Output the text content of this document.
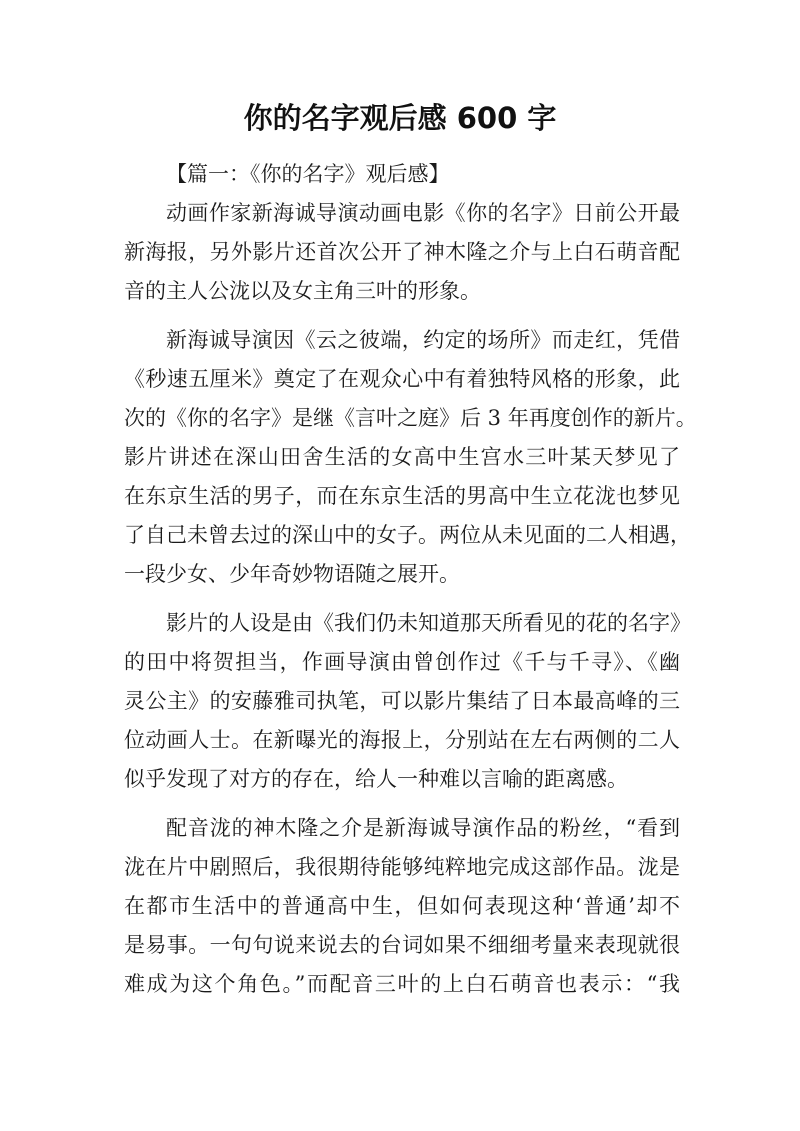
你的名字观后感 600 字

【篇一：《你的名字》观后感】

动画作家新海诚导演动画电影《你的名字》日前公开最
新海报，另外影片还首次公开了神木隆之介与上白石萌音配
音的主人公泷以及女主角三叶的形象。
新海诚导演因《云之彼端，约定的场所》而走红，凭借
《秒速五厘米》奠定了在观众心中有着独特风格的形象，此
次的《你的名字》是继《言叶之庭》后 3 年再度创作的新片。
影片讲述在深山田舍生活的女高中生宫水三叶某天梦见了
在东京生活的男子，而在东京生活的男高中生立花泷也梦见
了自己未曾去过的深山中的女子。两位从未见面的二人相遇，
一段少女、少年奇妙物语随之展开。
影片的人设是由《我们仍未知道那天所看见的花的名字》
的田中将贺担当，作画导演由曾创作过《千与千寻》、《幽
灵公主》的安藤雅司执笔，可以影片集结了日本最高峰的三
位动画人士。在新曝光的海报上，分别站在左右两侧的二人
似乎发现了对方的存在，给人一种难以言喻的距离感。
配音泷的神木隆之介是新海诚导演作品的粉丝，“看到
泷在片中剧照后，我很期待能够纯粹地完成这部作品。泷是
在都市生活中的普通高中生，但如何表现这种‘普通’却不
是易事。一句句说来说去的台词如果不细细考量来表现就很
难成为这个角色。”而配音三叶的上白石萌音也表示：“我
